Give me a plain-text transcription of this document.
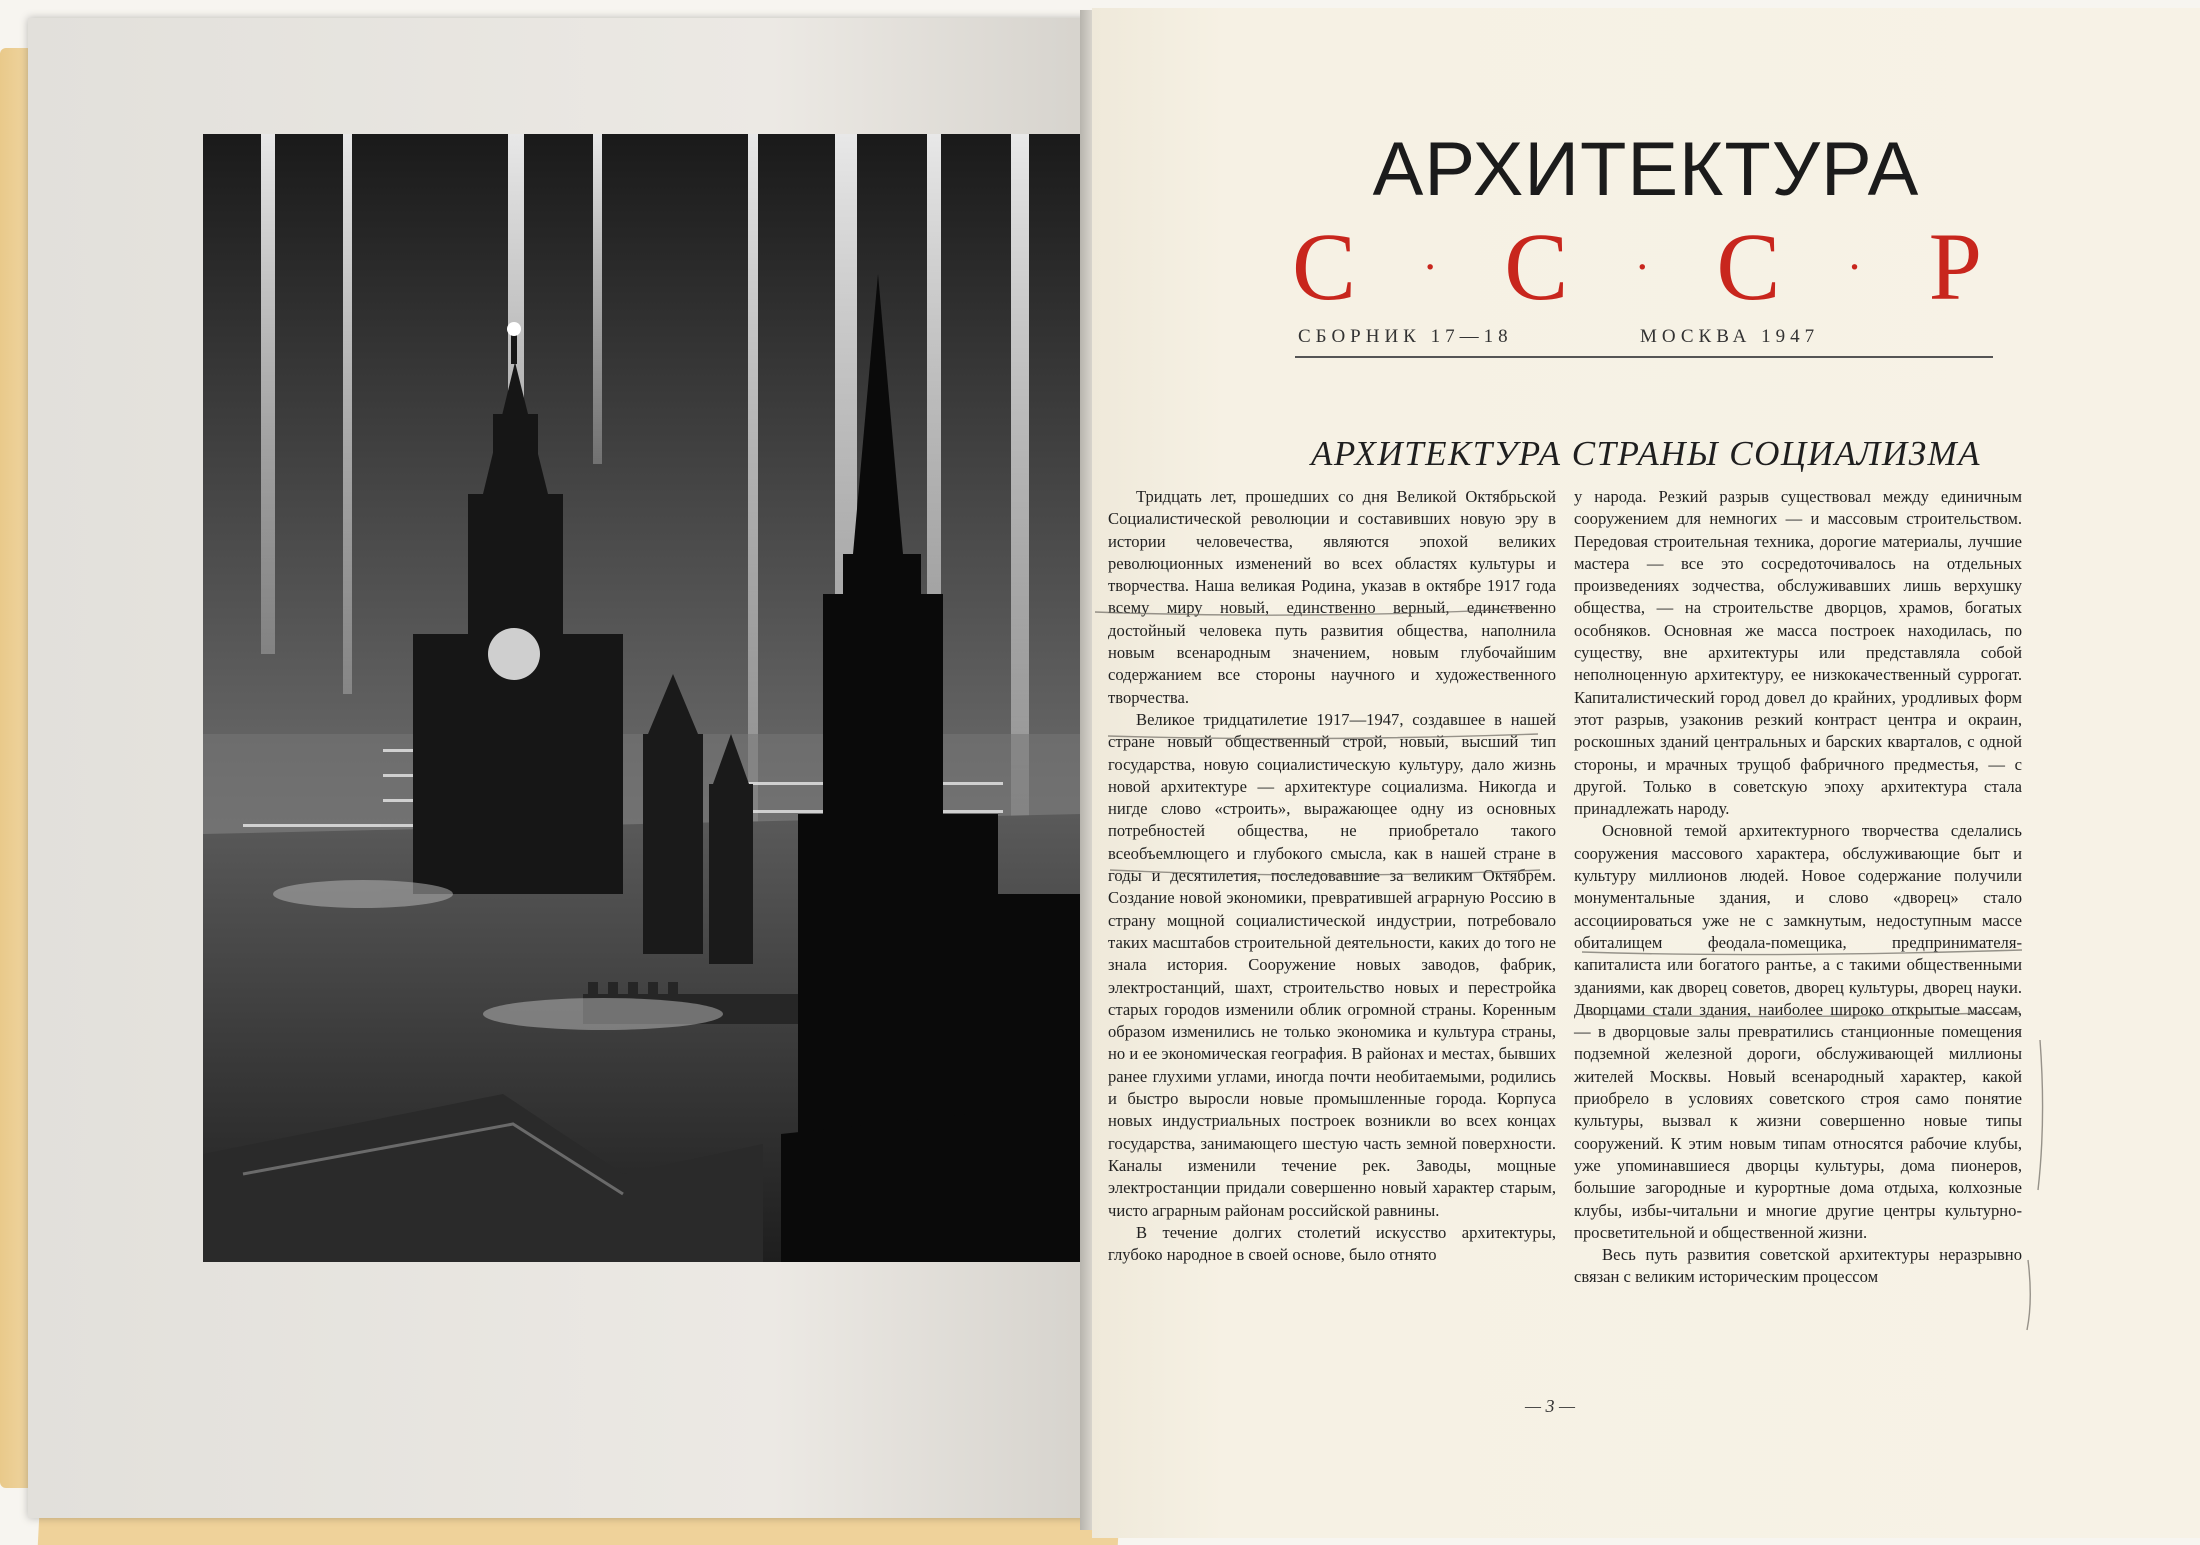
АРХИТЕКТУРА
С · С · С · Р
СБОРНИК 17—18	МОСКВА 1947
АРХИТЕКТУРА СТРАНЫ СОЦИАЛИЗМА

Тридцать лет, прошедших со дня Великой Октябрьской Социалистической революции и составивших новую эру в истории человечества, являются эпохой великих революционных изменений во всех областях культуры и творчества. Наша великая Родина, указав в октябре 1917 года всему миру новый, единственно верный, единственно достойный человека путь развития общества, наполнила новым всенародным значением, новым глубочайшим содержанием все стороны научного и художественного творчества.

Великое тридцатилетие 1917—1947, создавшее в нашей стране новый общественный строй, новый, высший тип государства, новую социалистическую культуру, дало жизнь новой архитектуре — архитектуре социализма. Никогда и нигде слово «строить», выражающее одну из основных потребностей общества, не приобретало такого всеобъемлющего и глубокого смысла, как в нашей стране в годы и десятилетия, последовавшие за великим Октябрем. Создание новой экономики, превратившей аграрную Россию в страну мощной социалистической индустрии, потребовало таких масштабов строительной деятельности, каких до того не знала история. Сооружение новых заводов, фабрик, электростанций, шахт, строительство новых и перестройка старых городов изменили облик огромной страны. Коренным образом изменились не только экономика и культура страны, но и ее экономическая география. В районах и местах, бывших ранее глухими углами, иногда почти необитаемыми, родились и быстро выросли новые промышленные города. Корпуса новых индустриальных построек возникли во всех концах государства, занимающего шестую часть земной поверхности. Каналы изменили течение рек. Заводы, мощные электростанции придали совершенно новый характер старым, чисто аграрным районам российской равнины.

В течение долгих столетий искусство архитектуры, глубоко народное в своей основе, было отнято

у народа. Резкий разрыв существовал между единичным сооружением для немногих — и массовым строительством. Передовая строительная техника, дорогие материалы, лучшие мастера — все это сосредоточивалось на отдельных произведениях зодчества, обслуживавших лишь верхушку общества, — на строительстве дворцов, храмов, богатых особняков. Основная же масса построек находилась, по существу, вне архитектуры или представляла собой неполноценную архитектуру, ее низкокачественный суррогат. Капиталистический город довел до крайних, уродливых форм этот разрыв, узаконив резкий контраст центра и окраин, роскошных зданий центральных и барских кварталов, с одной стороны, и мрачных трущоб фабричного предместья, — с другой. Только в советскую эпоху архитектура стала принадлежать народу.

Основной темой архитектурного творчества сделались сооружения массового характера, обслуживающие быт и культуру миллионов людей. Новое содержание получили монументальные здания, и слово «дворец» стало ассоциироваться уже не с замкнутым, недоступным массе обиталищем феодала-помещика, предпринимателя-капиталиста или богатого рантье, а с такими общественными зданиями, как дворец советов, дворец культуры, дворец науки. Дворцами стали здания, наиболее широко открытые массам, — в дворцовые залы превратились станционные помещения подземной железной дороги, обслуживающей миллионы жителей Москвы. Новый всенародный характер, какой приобрело в условиях советского строя само понятие культуры, вызвал к жизни совершенно новые типы сооружений. К этим новым типам относятся рабочие клубы, уже упоминавшиеся дворцы культуры, дома пионеров, большие загородные и курортные дома отдыха, колхозные клубы, избы-читальни и многие другие центры культурно-просветительной и общественной жизни.

Весь путь развития советской архитектуры неразрывно связан с великим историческим процессом

— 3 —
